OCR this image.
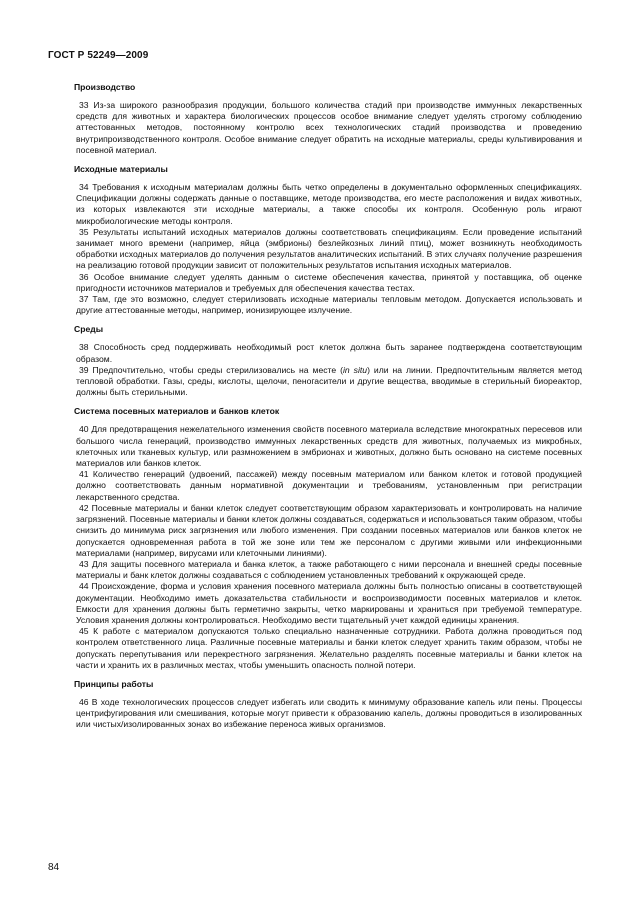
ГОСТ Р 52249—2009
Производство

33 Из-за широкого разнообразия продукции, большого количества стадий при производстве иммунных лекарственных средств для животных и характера биологических процессов особое внимание следует уделять строгому соблюдению аттестованных методов, постоянному контролю всех технологических стадий производства и проведению внутрипроизводственного контроля. Особое внимание следует обратить на исходные материалы, среды культивирования и посевной материал.

Исходные материалы

34 Требования к исходным материалам должны быть четко определены в документально оформленных спецификациях. Спецификации должны содержать данные о поставщике, методе производства, его месте расположения и видах животных, из которых извлекаются эти исходные материалы, а также способы их контроля. Особенную роль играют микробиологические методы контроля.

35 Результаты испытаний исходных материалов должны соответствовать спецификациям. Если проведение испытаний занимает много времени (например, яйца (эмбрионы) безлейкозных линий птиц), может возникнуть необходимость обработки исходных материалов до получения результатов аналитических испытаний. В этих случаях получение разрешения на реализацию готовой продукции зависит от положительных результатов испытания исходных материалов.

36 Особое внимание следует уделять данным о системе обеспечения качества, принятой у поставщика, об оценке пригодности источников материалов и требуемых для обеспечения качества тестах.

37 Там, где это возможно, следует стерилизовать исходные материалы тепловым методом. Допускается использовать и другие аттестованные методы, например, ионизирующее излучение.

Среды

38 Способность сред поддерживать необходимый рост клеток должна быть заранее подтверждена соответствующим образом.

39 Предпочтительно, чтобы среды стерилизовались на месте (in situ) или на линии. Предпочтительным является метод тепловой обработки. Газы, среды, кислоты, щелочи, пеногасители и другие вещества, вводимые в стерильный биореактор, должны быть стерильными.

Система посевных материалов и банков клеток

40 Для предотвращения нежелательного изменения свойств посевного материала вследствие многократных пересевов или большого числа генераций, производство иммунных лекарственных средств для животных, получаемых из микробных, клеточных или тканевых культур, или размножением в эмбрионах и животных, должно быть основано на системе посевных материалов или банков клеток.

41 Количество генераций (удвоений, пассажей) между посевным материалом или банком клеток и готовой продукцией должно соответствовать данным нормативной документации и требованиям, установленным при регистрации лекарственного средства.

42 Посевные материалы и банки клеток следует соответствующим образом характеризовать и контролировать на наличие загрязнений. Посевные материалы и банки клеток должны создаваться, содержаться и использоваться таким образом, чтобы снизить до минимума риск загрязнения или любого изменения. При создании посевных материалов или банков клеток не допускается одновременная работа в той же зоне или тем же персоналом с другими живыми или инфекционными материалами (например, вирусами или клеточными линиями).

43 Для защиты посевного материала и банка клеток, а также работающего с ними персонала и внешней среды посевные материалы и банк клеток должны создаваться с соблюдением установленных требований к окружающей среде.

44 Происхождение, форма и условия хранения посевного материала должны быть полностью описаны в соответствующей документации. Необходимо иметь доказательства стабильности и воспроизводимости посевных материалов и клеток. Емкости для хранения должны быть герметично закрыты, четко маркированы и храниться при требуемой температуре. Условия хранения должны контролироваться. Необходимо вести тщательный учет каждой единицы хранения.

45 К работе с материалом допускаются только специально назначенные сотрудники. Работа должна проводиться под контролем ответственного лица. Различные посевные материалы и банки клеток следует хранить таким образом, чтобы не допускать перепутывания или перекрестного загрязнения. Желательно разделять посевные материалы и банки клеток на части и хранить их в различных местах, чтобы уменьшить опасность полной потери.

Принципы работы

46 В ходе технологических процессов следует избегать или сводить к минимуму образование капель или пены. Процессы центрифугирования или смешивания, которые могут привести к образованию капель, должны проводиться в изолированных или чистых/изолированных зонах во избежание переноса живых организмов.

84
